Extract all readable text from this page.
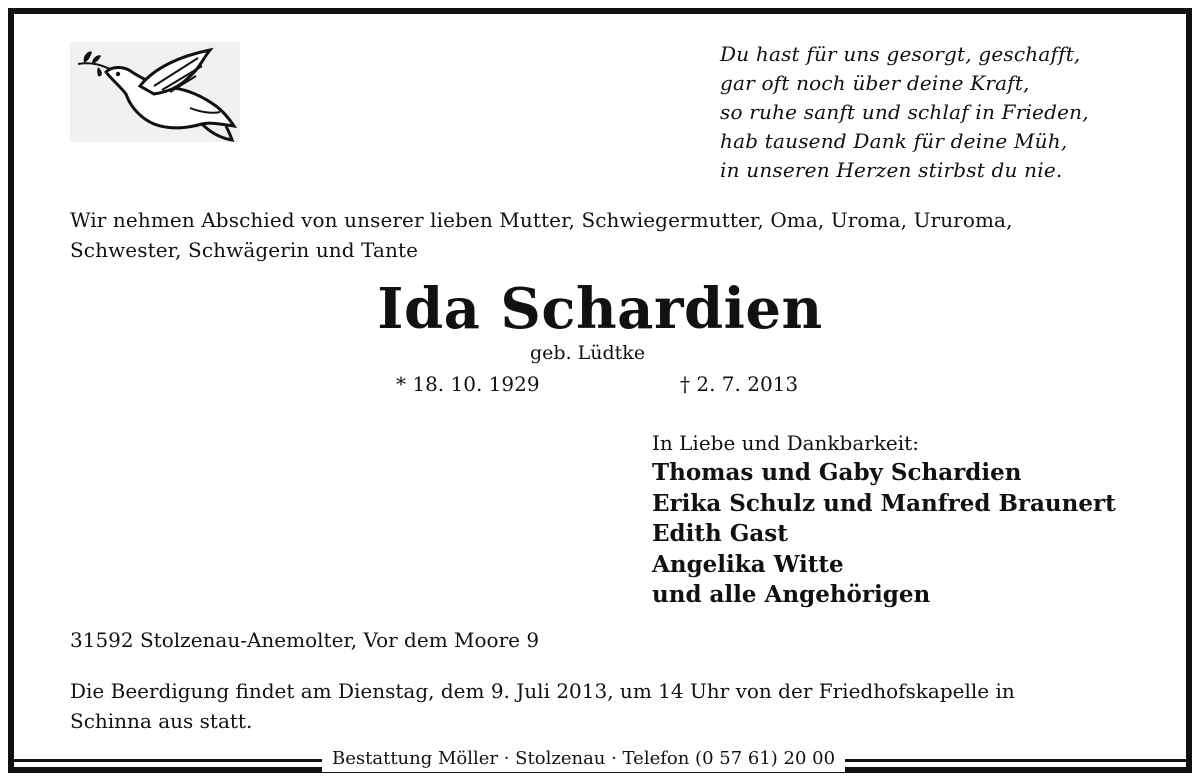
Du hast für uns gesorgt, geschafft,
gar oft noch über deine Kraft,
so ruhe sanft und schlaf in Frieden,
hab tausend Dank für deine Müh,
in unseren Herzen stirbst du nie.
Wir nehmen Abschied von unserer lieben Mutter, Schwiegermutter, Oma, Uroma, Ururoma,
Schwester, Schwägerin und Tante
Ida Schardien
geb. Lüdtke
* 18. 10. 1929	† 2. 7. 2013
In Liebe und Dankbarkeit:
Thomas und Gaby Schardien
Erika Schulz und Manfred Braunert
Edith Gast
Angelika Witte
und alle Angehörigen
31592 Stolzenau-Anemolter, Vor dem Moore 9
Die Beerdigung findet am Dienstag, dem 9. Juli 2013, um 14 Uhr von der Friedhofskapelle in
Schinna aus statt.
Bestattung Möller · Stolzenau · Telefon (0 57 61) 20 00
